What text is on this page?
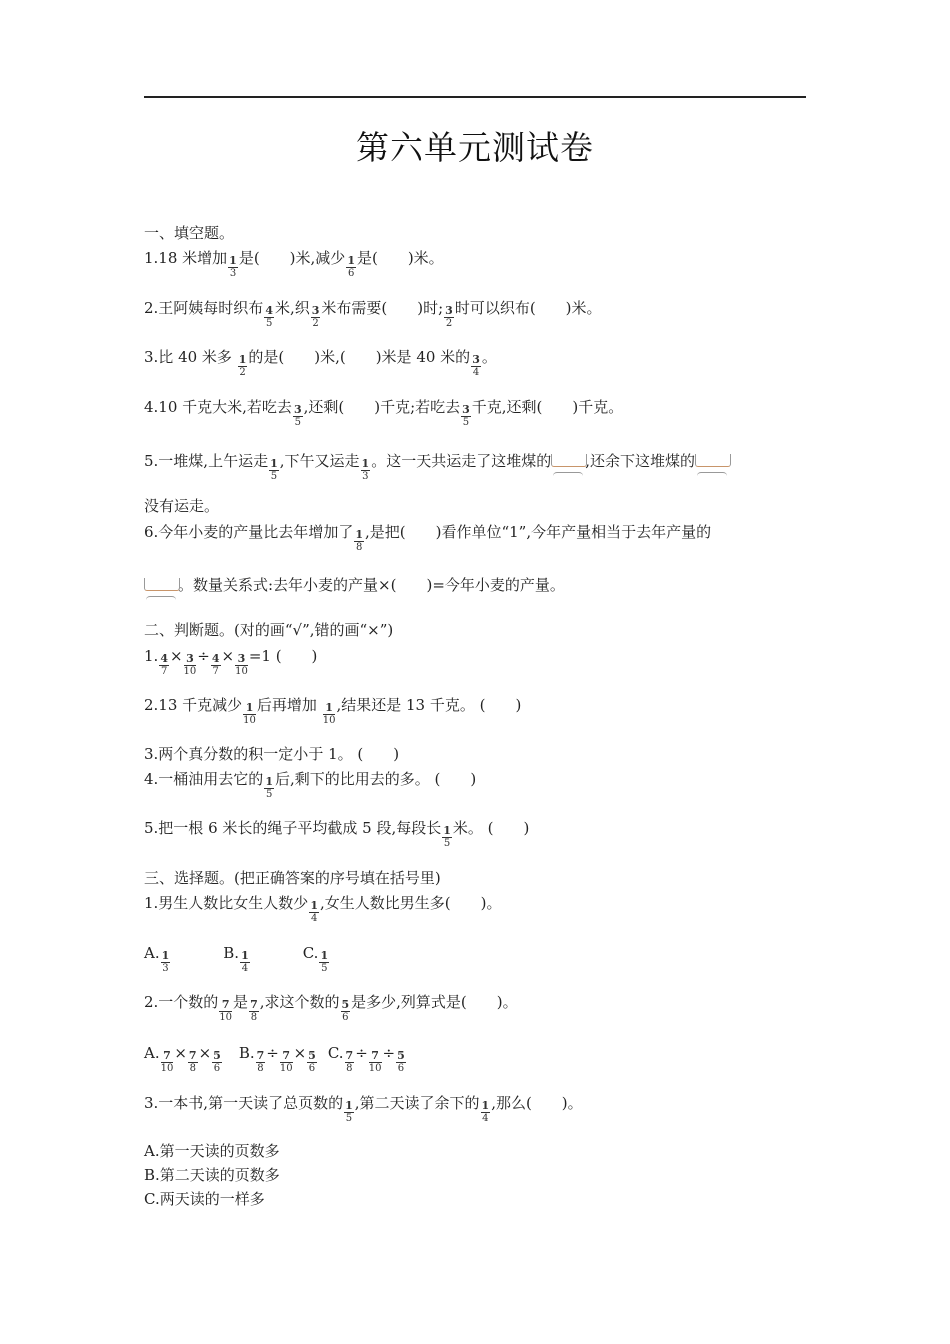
第六单元测试卷
一、填空题。
1.18 米增加 $\frac{1}{3}$ 是(　　)米,减少 $\frac{1}{6}$ 是(　　)米。
2.王阿姨每时织布 $\frac{4}{5}$ 米,织 $\frac{3}{2}$ 米布需要(　　)时; $\frac{3}{2}$ 时可以织布(　　)米。
3.比 40 米多 $\frac{1}{2}$ 的是(　　)米,(　　)米是 40 米的 $\frac{3}{4}$ 。
4.10 千克大米,若吃去 $\frac{3}{5}$ ,还剩(　　)千克;若吃去 $\frac{3}{5}$ 千克,还剩(　　)千克。
5.一堆煤,上午运走 $\frac{1}{5}$ ,下午又运走 $\frac{1}{3}$ 。这一天共运走了这堆煤的 ,还余下这堆煤的
没有运走。
6.今年小麦的产量比去年增加了 $\frac{1}{8}$ ,是把(　　)看作单位“1”,今年产量相当于去年产量的
。数量关系式:去年小麦的产量×(　　)=今年小麦的产量。
二、判断题。(对的画“√”,错的画“×”)
1. $\frac{4}{7} \times \frac{3}{10} \div \frac{4}{7} \times \frac{3}{10} =1$ (　　)
2.13 千克减少 $\frac{1}{10}$ 后再增加 $\frac{1}{10}$ ,结果还是 13 千克。 (　　)
3.两个真分数的积一定小于 1。 (　　)
4.一桶油用去它的 $\frac{1}{5}$ 后,剩下的比用去的多。 (　　)
5.把一根 6 米长的绳子平均截成 5 段,每段长 $\frac{1}{5}$ 米。 (　　)
三、选择题。(把正确答案的序号填在括号里)
1.男生人数比女生人数少 $\frac{1}{4}$ ,女生人数比男生多(　　)。
A. $\frac{1}{3}$	B. $\frac{1}{4}$	C. $\frac{1}{5}$
2.一个数的 $\frac{7}{10}$ 是 $\frac{7}{8}$ ,求这个数的 $\frac{5}{6}$ 是多少,列算式是(　　)。
A. $\frac{7}{10} \times \frac{7}{8} \times \frac{5}{6} B$. $\frac{7}{8} \div \frac{7}{10} \times \frac{5}{6} C$. $\frac{7}{8} \div \frac{7}{10} \div \frac{5}{6}$
3.一本书,第一天读了总页数的 $\frac{1}{5}$ ,第二天读了余下的 $\frac{1}{4}$ ,那么(　　)。
A.第一天读的页数多
B.第二天读的页数多
C.两天读的一样多
